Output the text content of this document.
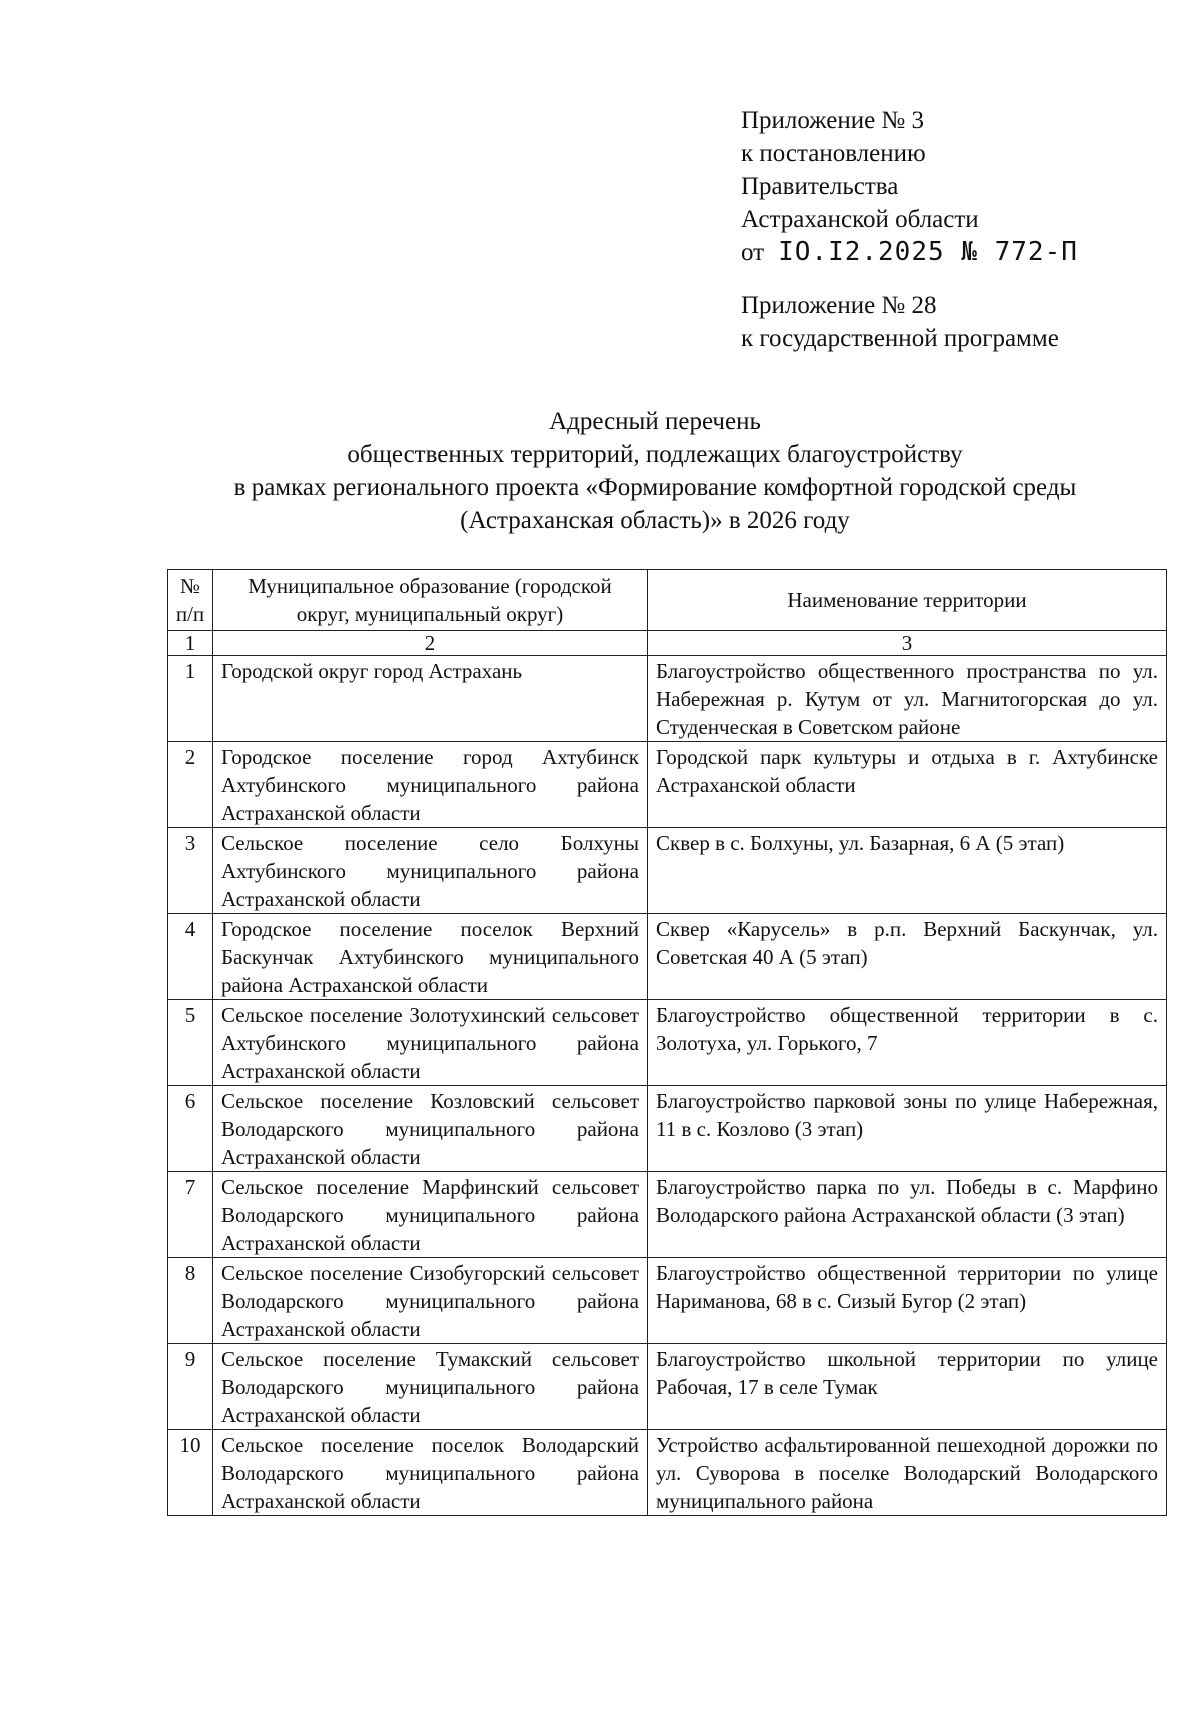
Приложение № 3
к постановлению
Правительства
Астраханской области
от IO.I2.2025 № 772-П
Приложение № 28
к государственной программе
Адресный перечень
общественных территорий, подлежащих благоустройству
в рамках регионального проекта «Формирование комфортной городской среды
(Астраханская область)» в 2026 году
№ п/п	Муниципальное образование (городской округ, муниципальный округ)	Наименование территории
1	2	3
1	Городской округ город Астрахань	Благоустройство общественного пространства по ул. Набережная р. Кутум от ул. Магнитогорская до ул. Студенческая в Советском районе
2	Городское поселение город Ахтубинск Ахтубинского муниципального района Астраханской области	Городской парк культуры и отдыха в г. Ахтубинске Астраханской области
3	Сельское поселение село Болхуны Ахтубинского муниципального района Астраханской области	Сквер в с. Болхуны, ул. Базарная, 6 А (5 этап)
4	Городское поселение поселок Верхний Баскунчак Ахтубинского муниципального района Астраханской области	Сквер «Карусель» в р.п. Верхний Баскунчак, ул. Советская 40 А (5 этап)
5	Сельское поселение Золотухинский сельсовет Ахтубинского муниципального района Астраханской области	Благоустройство общественной территории в с. Золотуха, ул. Горького, 7
6	Сельское поселение Козловский сельсовет Володарского муниципального района Астраханской области	Благоустройство парковой зоны по улице Набережная, 11 в с. Козлово (3 этап)
7	Сельское поселение Марфинский сельсовет Володарского муниципального района Астраханской области	Благоустройство парка по ул. Победы в с. Марфино Володарского района Астраханской области (3 этап)
8	Сельское поселение Сизобугорский сельсовет Володарского муниципального района Астраханской области	Благоустройство общественной территории по улице Нариманова, 68 в с. Сизый Бугор (2 этап)
9	Сельское поселение Тумакский сельсовет Володарского муниципального района Астраханской области	Благоустройство школьной территории по улице Рабочая, 17 в селе Тумак
10	Сельское поселение поселок Володарский Володарского муниципального района Астраханской области	Устройство асфальтированной пешеходной дорожки по ул. Суворова в поселке Володарский Володарского муниципального района
